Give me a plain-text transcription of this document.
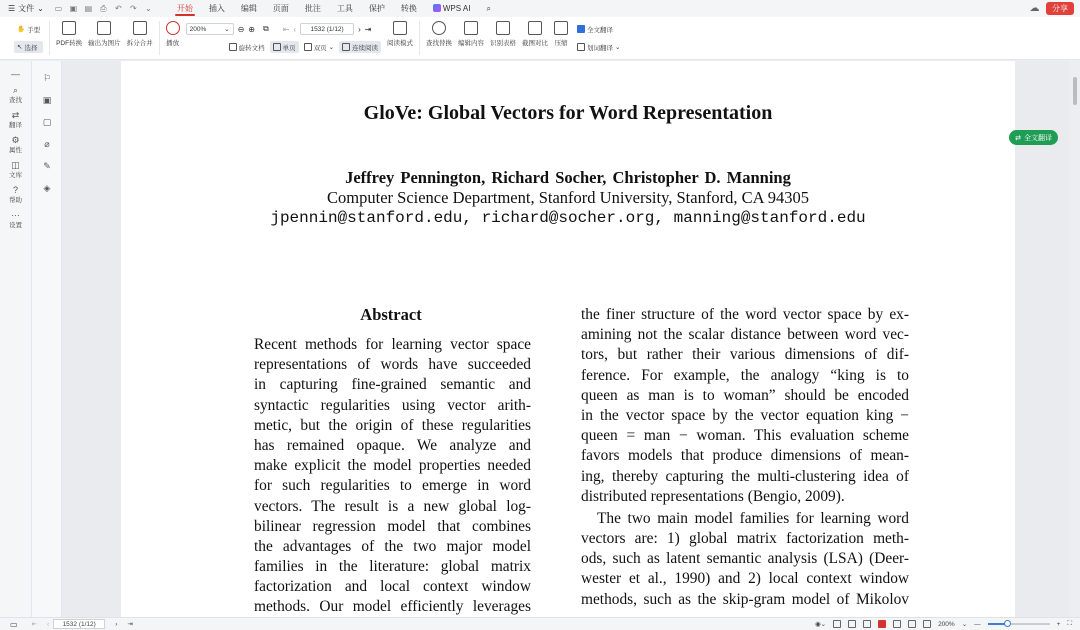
☰ 文件 ⌄ ▭ ▣ ▤ ⎙ ↶ ↷ ⌄	开始	插入	编辑	页面	批注	工具	保护	转换	WPS AI	⌕	☁	分享
✋ 手型
↖ 选择
PDF转换 输出为图片 拆分合并 播放
200%	⌄ ⊖ ⊕ ⧉ ⇤ ‹ 1532 (1/12) › ⇥
旋转文档	单页	双页 ⌄	连续阅读
阅读模式 查找替换 编辑内容 识别表格 截图对比 压缩
全文翻译
划词翻译 ⌄
—
⌕
查找
⇄
翻译
⚙
属性
◫
文库
?
帮助
···
设置
⚐
▣
▢
⌀
✎
◈
GloVe: Global Vectors for Word Representation
Jeffrey Pennington, Richard Socher, Christopher D. Manning
Computer Science Department, Stanford University, Stanford, CA 94305
jpennin@stanford.edu, richard@socher.org, manning@stanford.edu
Abstract
Recent methods for learning vector space
representations of words have succeeded
in capturing fine-grained semantic and
syntactic regularities using vector arith-
metic, but the origin of these regularities
has remained opaque. We analyze and
make explicit the model properties needed
for such regularities to emerge in word
vectors. The result is a new global log-
bilinear regression model that combines
the advantages of the two major model
families in the literature: global matrix
factorization and local context window
methods. Our model efficiently leverages
the finer structure of the word vector space by ex-
amining not the scalar distance between word vec-
tors, but rather their various dimensions of dif-
ference. For example, the analogy “king is to
queen as man is to woman” should be encoded
in the vector space by the vector equation king −
queen = man − woman. This evaluation scheme
favors models that produce dimensions of mean-
ing, thereby capturing the multi-clustering idea of
distributed representations (Bengio, 2009).
The two main model families for learning word
vectors are: 1) global matrix factorization meth-
ods, such as latent semantic analysis (LSA) (Deer-
wester et al., 1990) and 2) local context window
methods, such as the skip-gram model of Mikolov
⇄ 全文翻译
▭ ⇤ ‹ 1532 (1/12)	› ⇥	◉⌄	200% ⌄ —	+ ⛶
